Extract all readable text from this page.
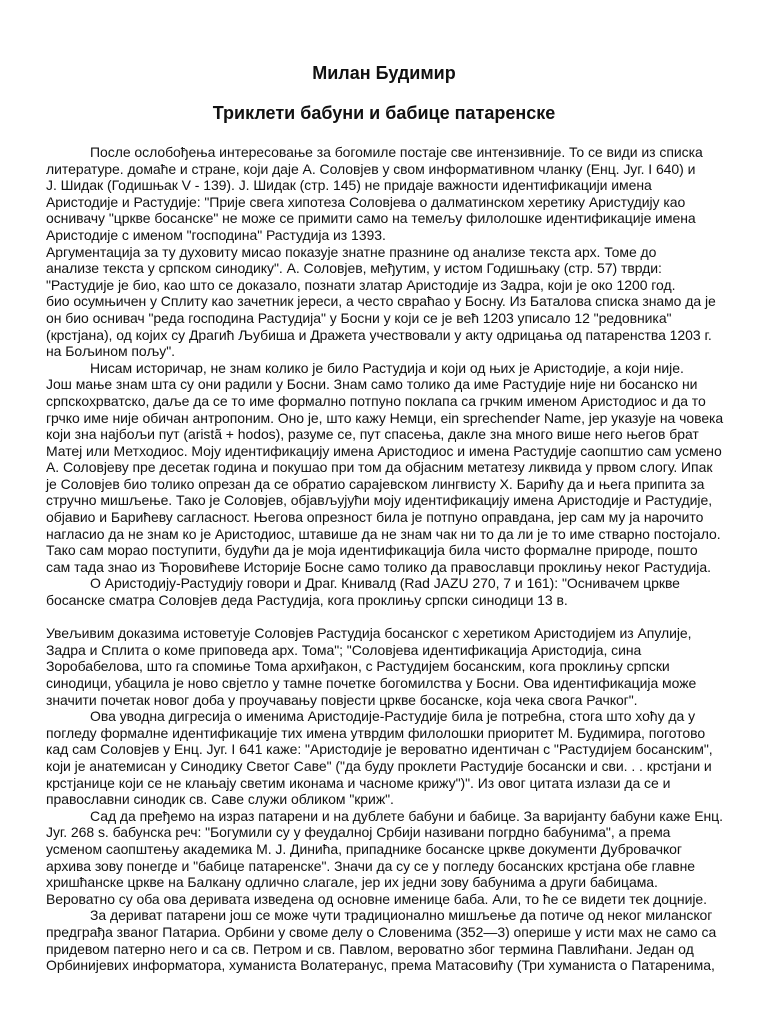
Милан Будимир
Триклети бабуни и бабице патаренске
После ослобођења интересовање за богомиле постаје све интензивније. То се види из списка
литературе. домаће и стране, који даје А. Соловјев у свом информативном чланку (Енц. Југ. I 640) и
J. Шидак (Годишњак V - 139). J. Шидак (стр. 145) не придаје важности идентификацији имена
Аристодије и Растудије: "Прије свега хипотеза Соловјева о далматинском херетику Аристудију као
оснивачу "цркве босанске" не може се примити само на темељу филолошке идентификације имена
Аристодије с именом "господина" Растудија из 1393.
Аргументација за ту духовиту мисао показује знатне празнине од анализе текста арх. Томе до
анализе текста у српском синодику". А. Соловјев, међутим, у истом Годишњаку (стр. 57) тврди:
"Растудије је био, као што се доказало, познати златар Аристодије из Задра, који је око 1200 год.
био осумњичен у Сплиту као зачетник јереси, а често свраћао у Босну. Из Баталова списка знамо да је
он био оснивач "реда господина Растудија" у Босни у који се је већ 1203 уписало 12 "редовника"
(крстјана), од којих су Драгић Љубиша и Дражета учествовали у акту одрицања од патаренства 1203 г.
на Бољином пољу".
Нисам историчар, не знам колико је било Растудија и који од њих је Аристодије, а који није.
Још мање знам шта су они радили у Босни. Знам само толико да име Растудије није ни босанско ни
српскохрватско, даље да се то име формално потпуно поклапа са грчким именом Аристодиос и да то
грчко име није обичан антропоним. Оно је, што кажу Немци, ein sprechender Name, јер указује на човека
који зна најбољи пут (aristã + hodos), разуме се, пут спасења, дакле зна много више него његов брат
Матеј или Метходиос. Моју идентификацију имена Аристодиос и имена Растудије саопштио сам усмено
А. Соловјеву пре десетак година и покушао при том да објасним метатезу ликвида у првом слогу. Ипак
је Соловјев био толико опрезан да се обратио сарајевском лингвисту Х. Барићу да и њега припита за
стручно мишљење. Тако је Соловјев, објављујући моју идентификацију имена Аристодије и Растудије,
објавио и Барићеву сагласност. Његова опрезност била је потпуно оправдана, јер сам му ја нарочито
нагласио да не знам ко је Аристодиос, штавише да не знам чак ни то да ли је то име стварно постојало.
Тако сам морао поступити, будући да је моја идентификација била чисто формалне природе, пошто
сам тада знао из Ћоровићеве Историје Босне само толико да православци проклињу неког Растудија.
О Аристодију-Растудију говори и Драг. Книвалд (Rad JAZU 270, 7 и 161): "Оснивачем цркве
босанске сматра Соловјев деда Растудија, кога проклињу српски синодици 13 в.
Увељивим доказима истоветује Соловјев Растудија босанског с херетиком Аристодијем из Апулије,
Задра и Сплита о коме приповеда арх. Тома"; "Соловјева идентификација Аристодија, сина
Зоробабелова, што га спомиње Тома архиђакон, с Растудијем босанским, кога проклињу српски
синодици, убацила је ново свјетло у тамне почетке богомилства у Босни. Ова идентификација може
значити почетак новог доба у проучавању повјести цркве босанске, која чека свога Рачког".
Ова уводна дигресија о именима Аристодије-Растудије била је потребна, стога што хоћу да у
погледу формалне идентификације тих имена утврдим филолошки приоритет М. Будимира, поготово
кад сам Соловјев у Енц. Југ. I 641 каже: "Аристодије је вероватно идентичан с "Растудијем босанским",
који је анатемисан у Синодику Светог Саве" ("да буду проклети Растудије босански и сви. . . крстјани и
крстјанице који се не клањају светим иконама и часноме крижу")". Из овог цитата излази да се и
православни синодик св. Саве служи обликом "криж".
Сад да пређемо на израз патарени и на дублете бабуни и бабице. За варијанту бабуни каже Енц.
Југ. 268 s. бабунска реч: "Богумили су у феудалној Србији називани погрдно бабунима", а према
усменом саопштењу академика М. J. Динића, припаднике босанске цркве документи Дубровачког
архива зову понегде и "бабице патаренске". Значи да су се у погледу босанских крстјана обе главне
хришћанске цркве на Балкану одлично слагале, јер их једни зову бабунима а други бабицама.
Вероватно су оба ова деривата изведена од основне именице баба. Али, то ће се видети тек доцније.
За дериват патарени још се може чути традиционално мишљење да потиче од неког миланског
предграђа званог Патариа. Орбини у своме делу о Словенима (352—3) оперише у исти мах не само са
придевом патерно него и са св. Петром и св. Павлом, вероватно због термина Павлићани. Један од
Орбинијевих информатора, хуманиста Волатеранус, према Матасовићу (Три хуманиста о Патаренима,
